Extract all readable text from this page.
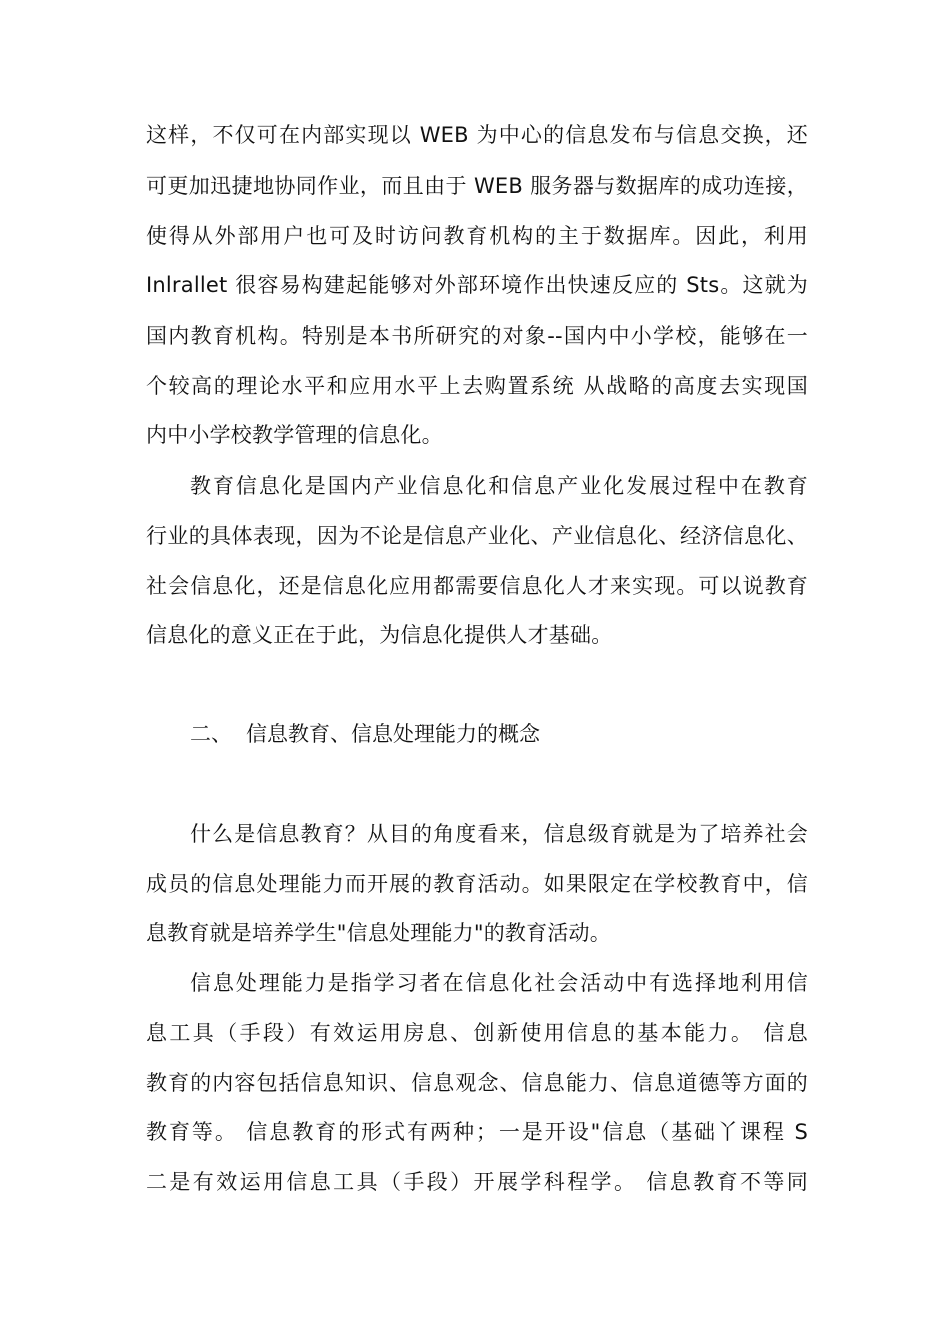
这样，不仅可在内部实现以 WEB 为中心的信息发布与信息交换，还
可更加迅捷地协同作业，而且由于 WEB 服务器与数据库的成功连接，
使得从外部用户也可及时访问教育机构的主于数据库。因此，利用
Inlrallet 很容易构建起能够对外部环境作出快速反应的 Sts。这就为
国内教育机构。特别是本书所研究的对象--国内中小学校，能够在一
个较高的理论水平和应用水平上去购置系统 从战略的高度去实现国
内中小学校教学管理的信息化。
教育信息化是国内产业信息化和信息产业化发展过程中在教育
行业的具体表现，因为不论是信息产业化、产业信息化、经济信息化、
社会信息化，还是信息化应用都需要信息化人才来实现。可以说教育
信息化的意义正在于此，为信息化提供人才基础。
二、 信息教育、信息处理能力的概念
什么是信息教育？从目的角度看来，信息级育就是为了培养社会
成员的信息处理能力而开展的教育活动。如果限定在学校教育中，信
息教育就是培养学生"信息处理能力"的教育活动。
信息处理能力是指学习者在信息化社会活动中有选择地利用信
息工具（手段）有效运用房息、创新使用信息的基本能力。 信息
教育的内容包括信息知识、信息观念、信息能力、信息道德等方面的
教育等。 信息教育的形式有两种；一是开设"信息（基础丫课程 S
二是有效运用信息工具（手段）开展学科程学。 信息教育不等同
